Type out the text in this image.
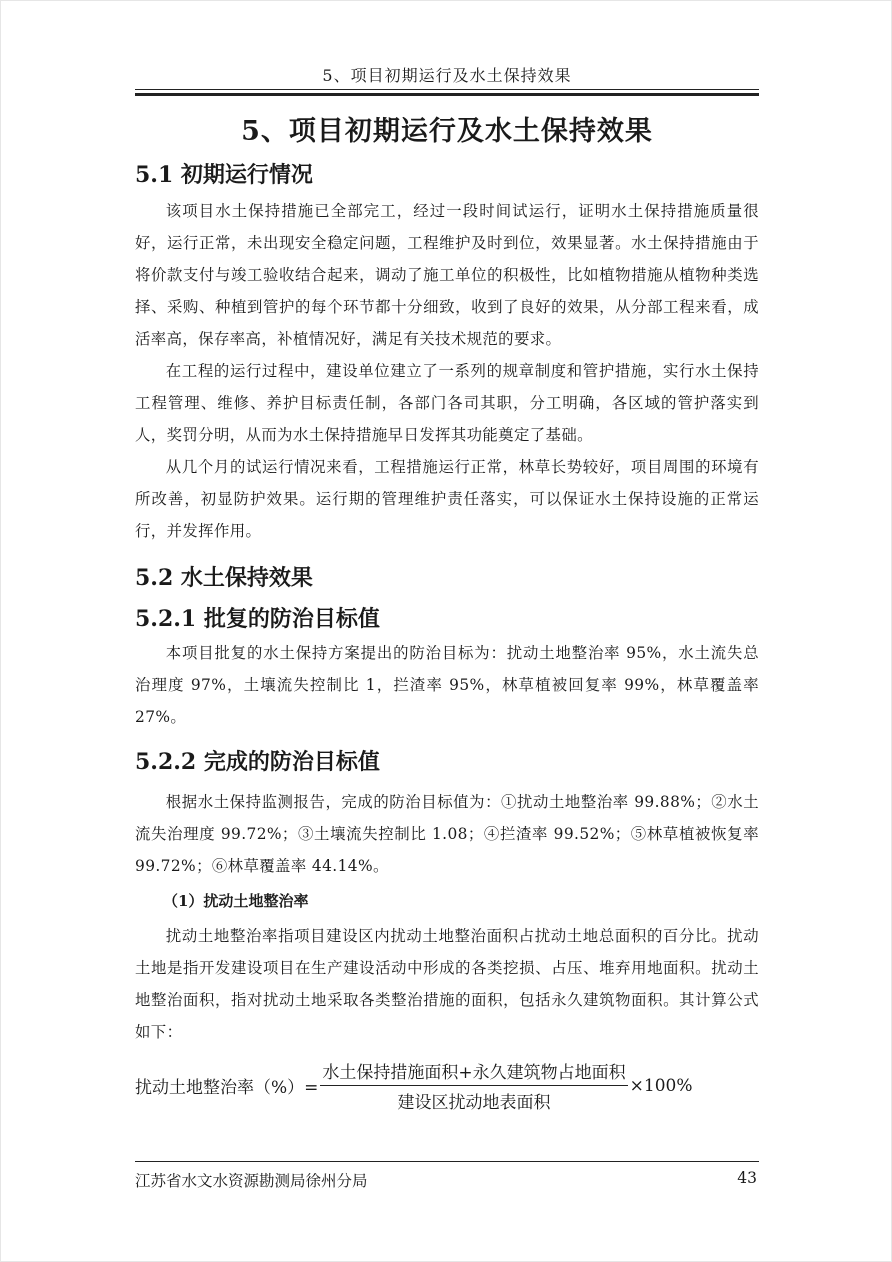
5、项目初期运行及水土保持效果
5、项目初期运行及水土保持效果
5.1 初期运行情况

该项目水土保持措施已全部完工，经过一段时间试运行，证明水土保持措施质量很好，运行正常，未出现安全稳定问题，工程维护及时到位，效果显著。水土保持措施由于将价款支付与竣工验收结合起来，调动了施工单位的积极性，比如植物措施从植物种类选择、采购、种植到管护的每个环节都十分细致，收到了良好的效果，从分部工程来看，成活率高，保存率高，补植情况好，满足有关技术规范的要求。

在工程的运行过程中，建设单位建立了一系列的规章制度和管护措施，实行水土保持工程管理、维修、养护目标责任制，各部门各司其职，分工明确，各区域的管护落实到人，奖罚分明，从而为水土保持措施早日发挥其功能奠定了基础。

从几个月的试运行情况来看，工程措施运行正常，林草长势较好，项目周围的环境有所改善，初显防护效果。运行期的管理维护责任落实，可以保证水土保持设施的正常运行，并发挥作用。

5.2 水土保持效果
5.2.1 批复的防治目标值

本项目批复的水土保持方案提出的防治目标为：扰动土地整治率 95%，水土流失总治理度 97%，土壤流失控制比 1，拦渣率 95%，林草植被回复率 99%，林草覆盖率 27%。

5.2.2 完成的防治目标值

根据水土保持监测报告，完成的防治目标值为：①扰动土地整治率 99.88%；②水土流失治理度 99.72%；③土壤流失控制比 1.08；④拦渣率 99.52%；⑤林草植被恢复率 99.72%；⑥林草覆盖率 44.14%。

（1）扰动土地整治率

扰动土地整治率指项目建设区内扰动土地整治面积占扰动土地总面积的百分比。扰动土地是指开发建设项目在生产建设活动中形成的各类挖损、占压、堆弃用地面积。扰动土地整治面积，指对扰动土地采取各类整治措施的面积，包括永久建筑物面积。其计算公式如下：

扰动土地整治率（%）= $\frac{\text{水土保持措施面积+永久建筑物占地面积}}{\text{建设区扰动地表面积}} \times 100\%$
江苏省水文水资源勘测局徐州分局	43
